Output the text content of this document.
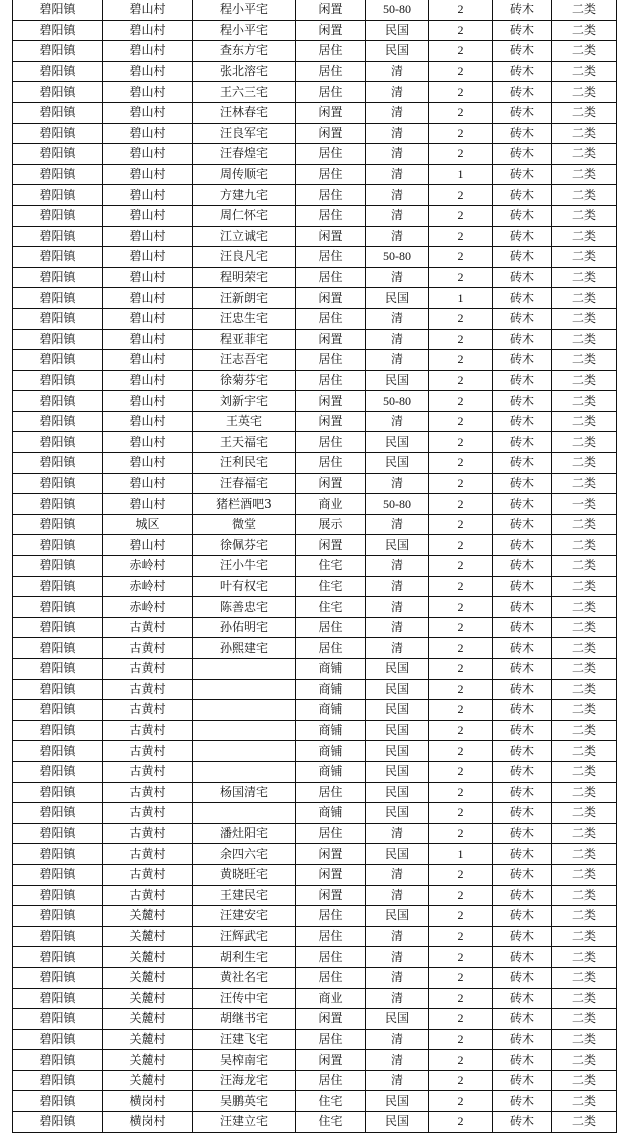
碧阳镇	碧山村	程小平宅	闲置	50-80	2	砖木	二类
碧阳镇	碧山村	程小平宅	闲置	民国	2	砖木	二类
碧阳镇	碧山村	查东方宅	居住	民国	2	砖木	二类
碧阳镇	碧山村	张北溶宅	居住	清	2	砖木	二类
碧阳镇	碧山村	王六三宅	居住	清	2	砖木	二类
碧阳镇	碧山村	汪林春宅	闲置	清	2	砖木	二类
碧阳镇	碧山村	汪良军宅	闲置	清	2	砖木	二类
碧阳镇	碧山村	汪春煌宅	居住	清	2	砖木	二类
碧阳镇	碧山村	周传顺宅	居住	清	1	砖木	二类
碧阳镇	碧山村	方建九宅	居住	清	2	砖木	二类
碧阳镇	碧山村	周仁怀宅	居住	清	2	砖木	二类
碧阳镇	碧山村	江立诚宅	闲置	清	2	砖木	二类
碧阳镇	碧山村	汪良凡宅	居住	50-80	2	砖木	二类
碧阳镇	碧山村	程明荣宅	居住	清	2	砖木	二类
碧阳镇	碧山村	汪新朗宅	闲置	民国	1	砖木	二类
碧阳镇	碧山村	汪忠生宅	居住	清	2	砖木	二类
碧阳镇	碧山村	程亚菲宅	闲置	清	2	砖木	二类
碧阳镇	碧山村	汪志吾宅	居住	清	2	砖木	二类
碧阳镇	碧山村	徐菊芬宅	居住	民国	2	砖木	二类
碧阳镇	碧山村	刘新宇宅	闲置	50-80	2	砖木	二类
碧阳镇	碧山村	王英宅	闲置	清	2	砖木	二类
碧阳镇	碧山村	王天福宅	居住	民国	2	砖木	二类
碧阳镇	碧山村	汪利民宅	居住	民国	2	砖木	二类
碧阳镇	碧山村	汪春福宅	闲置	清	2	砖木	二类
碧阳镇	碧山村	猪栏酒吧3	商业	50-80	2	砖木	一类
碧阳镇	城区	微堂	展示	清	2	砖木	二类
碧阳镇	碧山村	徐佩芬宅	闲置	民国	2	砖木	二类
碧阳镇	赤岭村	汪小牛宅	住宅	清	2	砖木	二类
碧阳镇	赤岭村	叶有权宅	住宅	清	2	砖木	二类
碧阳镇	赤岭村	陈善忠宅	住宅	清	2	砖木	二类
碧阳镇	古黄村	孙佑明宅	居住	清	2	砖木	二类
碧阳镇	古黄村	孙熙建宅	居住	清	2	砖木	二类
碧阳镇	古黄村		商铺	民国	2	砖木	二类
碧阳镇	古黄村		商铺	民国	2	砖木	二类
碧阳镇	古黄村		商铺	民国	2	砖木	二类
碧阳镇	古黄村		商铺	民国	2	砖木	二类
碧阳镇	古黄村		商铺	民国	2	砖木	二类
碧阳镇	古黄村		商铺	民国	2	砖木	二类
碧阳镇	古黄村	杨国清宅	居住	民国	2	砖木	二类
碧阳镇	古黄村		商铺	民国	2	砖木	二类
碧阳镇	古黄村	潘灶阳宅	居住	清	2	砖木	二类
碧阳镇	古黄村	余四六宅	闲置	民国	1	砖木	二类
碧阳镇	古黄村	黄晓旺宅	闲置	清	2	砖木	二类
碧阳镇	古黄村	王建民宅	闲置	清	2	砖木	二类
碧阳镇	关麓村	汪建安宅	居住	民国	2	砖木	二类
碧阳镇	关麓村	汪辉武宅	居住	清	2	砖木	二类
碧阳镇	关麓村	胡利生宅	居住	清	2	砖木	二类
碧阳镇	关麓村	黄社名宅	居住	清	2	砖木	二类
碧阳镇	关麓村	汪传中宅	商业	清	2	砖木	二类
碧阳镇	关麓村	胡继书宅	闲置	民国	2	砖木	二类
碧阳镇	关麓村	汪建飞宅	居住	清	2	砖木	二类
碧阳镇	关麓村	吴榨南宅	闲置	清	2	砖木	二类
碧阳镇	关麓村	汪海龙宅	居住	清	2	砖木	二类
碧阳镇	横岗村	吴鹏英宅	住宅	民国	2	砖木	二类
碧阳镇	横岗村	汪建立宅	住宅	民国	2	砖木	二类
